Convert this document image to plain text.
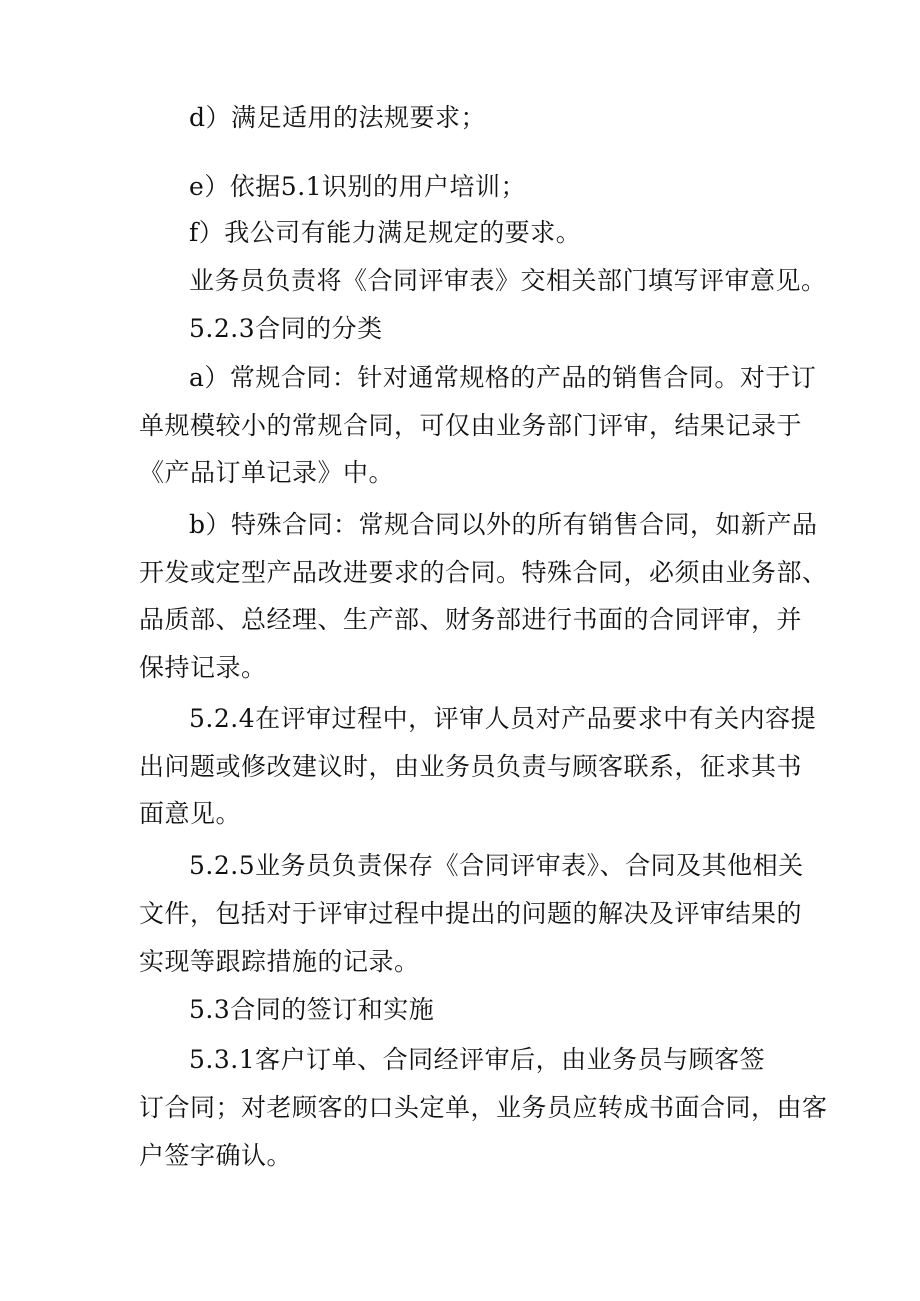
d）满足适用的法规要求；

e）依据5.1识别的用户培训；

f）我公司有能力满足规定的要求。

业务员负责将《合同评审表》交相关部门填写评审意见。

5.2.3合同的分类

a）常规合同：针对通常规格的产品的销售合同。对于订

单规模较小的常规合同，可仅由业务部门评审，结果记录于

《产品订单记录》中。

b）特殊合同：常规合同以外的所有销售合同，如新产品

开发或定型产品改进要求的合同。特殊合同，必须由业务部、

品质部、总经理、生产部、财务部进行书面的合同评审，并

保持记录。

5.2.4在评审过程中，评审人员对产品要求中有关内容提

出问题或修改建议时，由业务员负责与顾客联系，征求其书

面意见。

5.2.5业务员负责保存《合同评审表》、合同及其他相关

文件，包括对于评审过程中提出的问题的解决及评审结果的

实现等跟踪措施的记录。

5.3合同的签订和实施

5.3.1客户订单、合同经评审后，由业务员与顾客签

订合同；对老顾客的口头定单，业务员应转成书面合同，由客

户签字确认。
